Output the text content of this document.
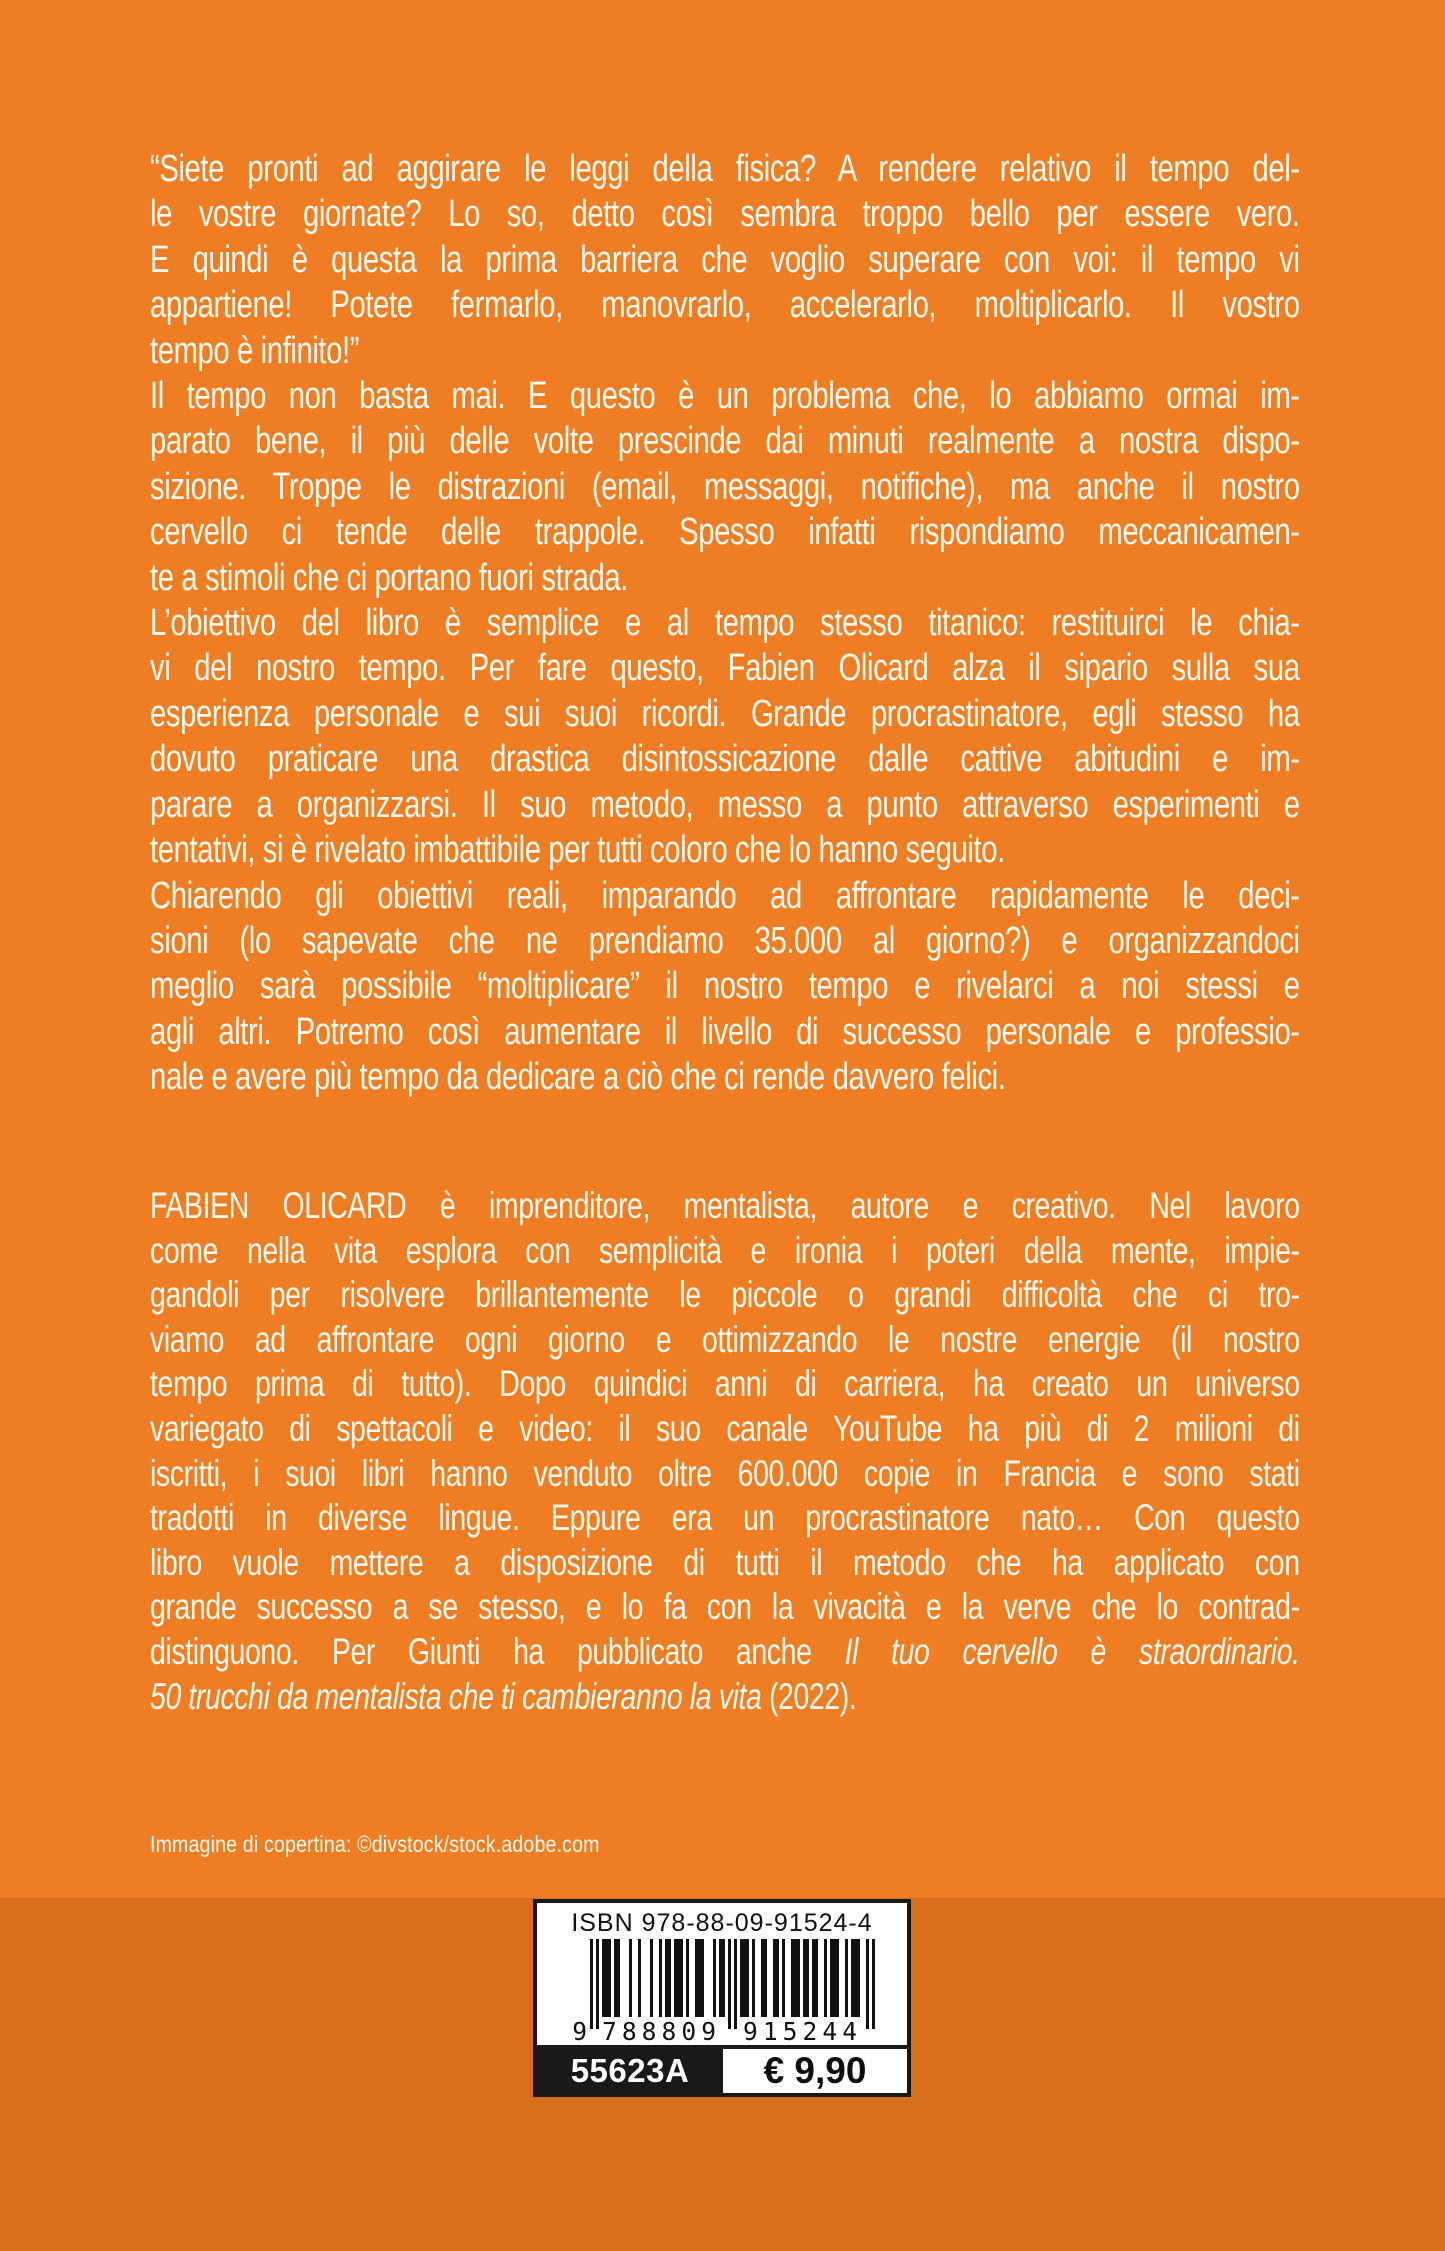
“Siete pronti ad aggirare le leggi della fisica? A rendere relativo il tempo del-
le vostre giornate? Lo so, detto così sembra troppo bello per essere vero.
E quindi è questa la prima barriera che voglio superare con voi: il tempo vi
appartiene! Potete fermarlo, manovrarlo, accelerarlo, moltiplicarlo. Il vostro
tempo è infinito!”
Il tempo non basta mai. E questo è un problema che, lo abbiamo ormai im-
parato bene, il più delle volte prescinde dai minuti realmente a nostra dispo-
sizione. Troppe le distrazioni (email, messaggi, notifiche), ma anche il nostro
cervello ci tende delle trappole. Spesso infatti rispondiamo meccanicamen-
te a stimoli che ci portano fuori strada.
L’obiettivo del libro è semplice e al tempo stesso titanico: restituirci le chia-
vi del nostro tempo. Per fare questo, Fabien Olicard alza il sipario sulla sua
esperienza personale e sui suoi ricordi. Grande procrastinatore, egli stesso ha
dovuto praticare una drastica disintossicazione dalle cattive abitudini e im-
parare a organizzarsi. Il suo metodo, messo a punto attraverso esperimenti e
tentativi, si è rivelato imbattibile per tutti coloro che lo hanno seguito.
Chiarendo gli obiettivi reali, imparando ad affrontare rapidamente le deci-
sioni (lo sapevate che ne prendiamo 35.000 al giorno?) e organizzandoci
meglio sarà possibile “moltiplicare” il nostro tempo e rivelarci a noi stessi e
agli altri. Potremo così aumentare il livello di successo personale e professio-
nale e avere più tempo da dedicare a ciò che ci rende davvero felici.
FABIEN OLICARD è imprenditore, mentalista, autore e creativo. Nel lavoro
come nella vita esplora con semplicità e ironia i poteri della mente, impie-
gandoli per risolvere brillantemente le piccole o grandi difficoltà che ci tro-
viamo ad affrontare ogni giorno e ottimizzando le nostre energie (il nostro
tempo prima di tutto). Dopo quindici anni di carriera, ha creato un universo
variegato di spettacoli e video: il suo canale YouTube ha più di 2 milioni di
iscritti, i suoi libri hanno venduto oltre 600.000 copie in Francia e sono stati
tradotti in diverse lingue. Eppure era un procrastinatore nato… Con questo
libro vuole mettere a disposizione di tutti il metodo che ha applicato con
grande successo a se stesso, e lo fa con la vivacità e la verve che lo contrad-
distinguono. Per Giunti ha pubblicato anche Il tuo cervello è straordinario.
50 trucchi da mentalista che ti cambieranno la vita (2022).
Immagine di copertina: ©divstock/stock.adobe.com
ISBN 978-88-09-91524-4
9 788809	915244
55623A	€ 9,90
